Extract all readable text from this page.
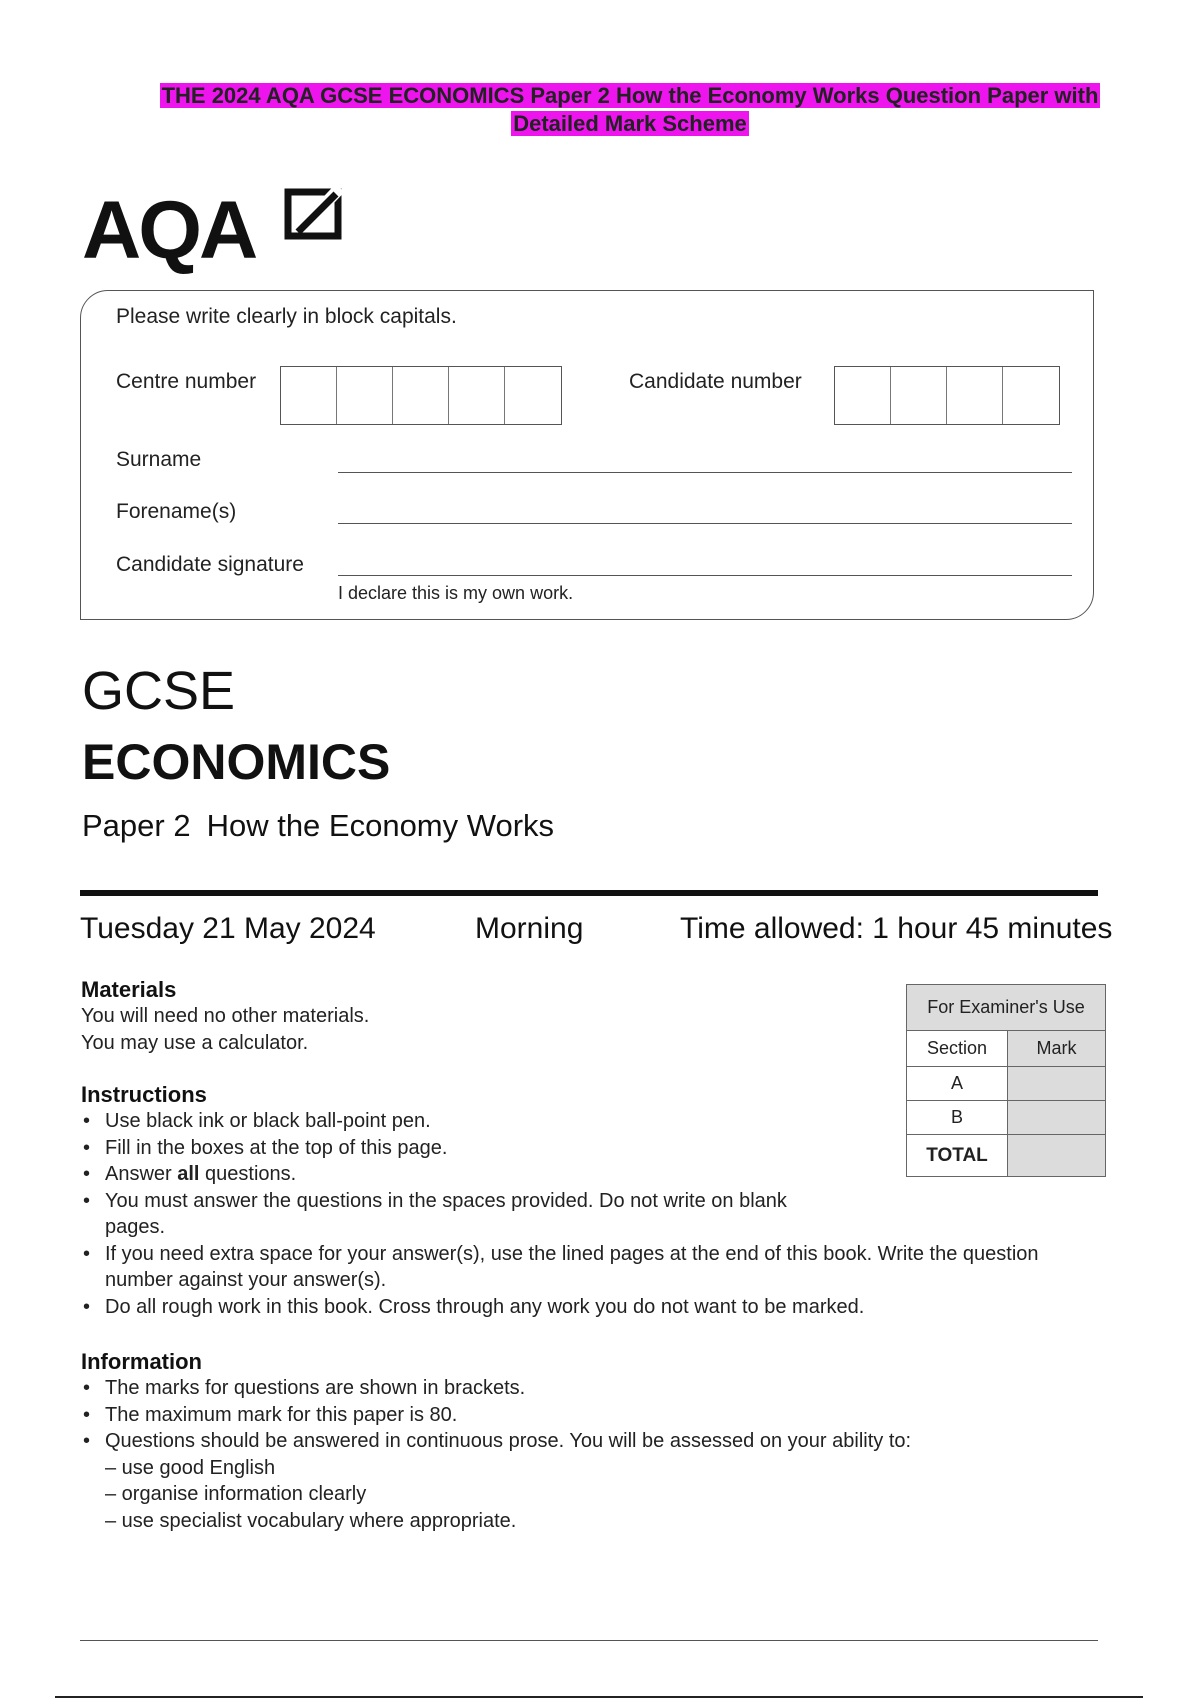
THE 2024 AQA GCSE ECONOMICS Paper 2 How the Economy Works Question Paper with
Detailed Mark Scheme
AQA
Please write clearly in block capitals.
Centre number	Candidate number
Surname
Forename(s)
Candidate signature
I declare this is my own work.
GCSE
ECONOMICS
Paper 2 How the Economy Works
Tuesday 21 May 2024	Morning	Time allowed: 1 hour 45 minutes
Materials
You will need no other materials.
You may use a calculator.
Instructions
• Use black ink or black ball-point pen.
• Fill in the boxes at the top of this page.
• Answer all questions.
• You must answer the questions in the spaces provided. Do not write on blank pages.
• If you need extra space for your answer(s), use the lined pages at the end of this book. Write the question number against your answer(s).
• Do all rough work in this book. Cross through any work you do not want to be marked.
Information
• The marks for questions are shown in brackets.
• The maximum mark for this paper is 80.
• Questions should be answered in continuous prose. You will be assessed on your ability to:
– use good English
– organise information clearly
– use specialist vocabulary where appropriate.
For Examiner's Use	
Section	Mark
A	
B	
TOTAL	
